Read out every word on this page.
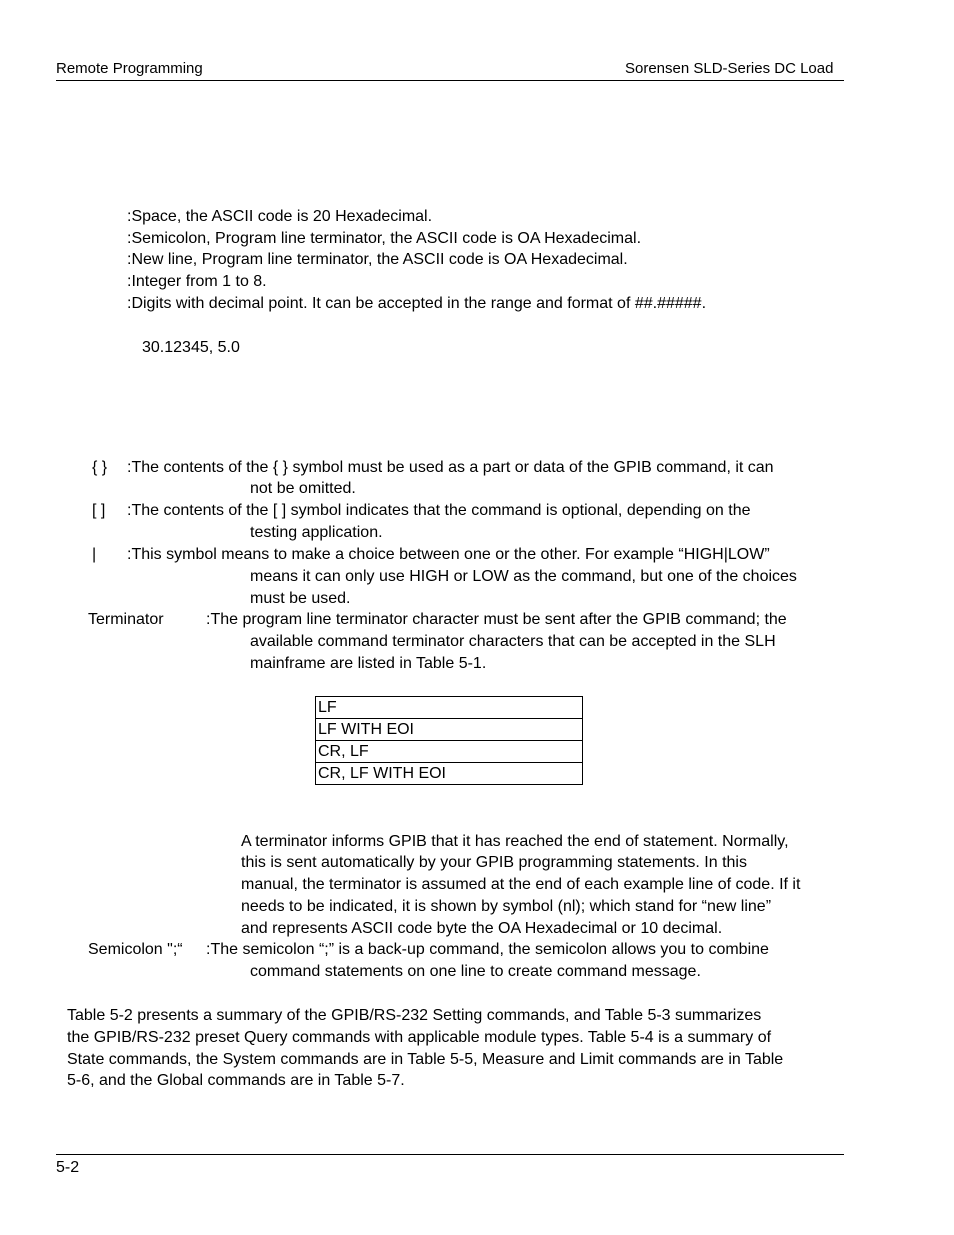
Remote Programming	Sorensen SLD-Series DC Load
:Space, the ASCII code is 20 Hexadecimal.
:Semicolon, Program line terminator, the ASCII code is OA Hexadecimal.
:New line, Program line terminator, the ASCII code is OA Hexadecimal.
:Integer from 1 to 8.
:Digits with decimal point. It can be accepted in the range and format of ##.#####.
30.12345, 5.0
{ } :The contents of the { } symbol must be used as a part or data of the GPIB command, it can
not be omitted.
[ ] :The contents of the [ ] symbol indicates that the command is optional, depending on the
testing application.
| :This symbol means to make a choice between one or the other. For example “HIGH|LOW”
means it can only use HIGH or LOW as the command, but one of the choices
must be used.
Terminator	:The program line terminator character must be sent after the GPIB command; the
available command terminator characters that can be accepted in the SLH
mainframe are listed in Table 5-1.
LF
LF WITH EOI
CR, LF
CR, LF WITH EOI
A terminator informs GPIB that it has reached the end of statement. Normally,
this is sent automatically by your GPIB programming statements. In this
manual, the terminator is assumed at the end of each example line of code. If it
needs to be indicated, it is shown by symbol (nl); which stand for “new line”
and represents ASCII code byte the OA Hexadecimal or 10 decimal.
Semicolon ";“ :The semicolon “;” is a back-up command, the semicolon allows you to combine
command statements on one line to create command message.
Table 5-2 presents a summary of the GPIB/RS-232 Setting commands, and Table 5-3 summarizes
the GPIB/RS-232 preset Query commands with applicable module types. Table 5-4 is a summary of
State commands, the System commands are in Table 5-5, Measure and Limit commands are in Table
5-6, and the Global commands are in Table 5-7.
5-2
